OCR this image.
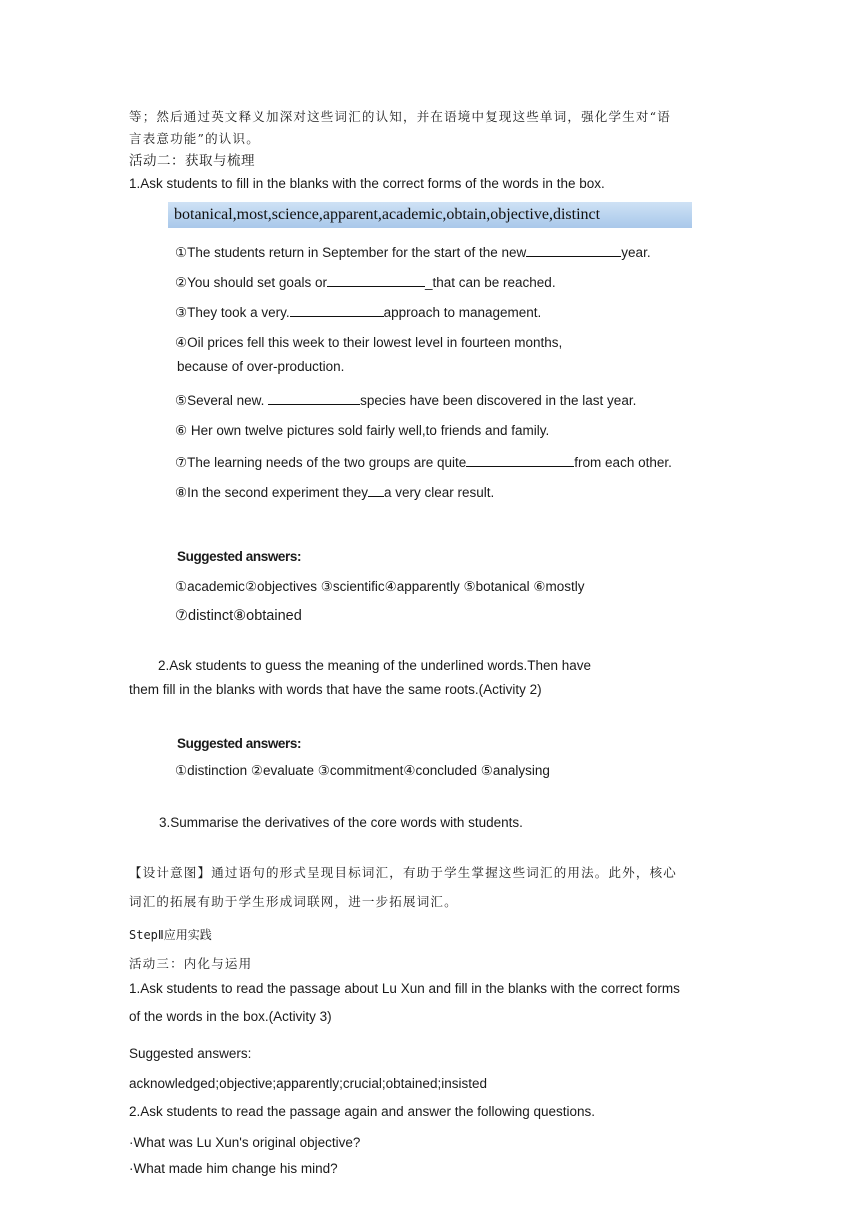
等；然后通过英文释义加深对这些词汇的认知，并在语境中复现这些单词，强化学生对“语
言表意功能”的认识。
活动二：获取与梳理
1.Ask students to fill in the blanks with the correct forms of the words in the box.
botanical,most,science,apparent,academic,obtain,objective,distinct
①The students return in September for the start of the new	year.
②You should set goals or	_that can be reached.
③They took a very.	approach to management.
④Oil prices fell this week to their lowest level in fourteen months,
because of over-production.
⑤Several new.	species have been discovered in the last year.
⑥ Her own twelve pictures sold fairly well,to friends and family.
⑦The learning needs of the two groups are quite	from each other.
⑧In the second experiment they a very clear result.
Suggested answers:
①academic②objectives ③scientific④apparently ⑤botanical ⑥mostly
⑦distinct⑧obtained
2.Ask students to guess the meaning of the underlined words.Then have
them fill in the blanks with words that have the same roots.(Activity 2)
Suggested answers:
①distinction ②evaluate ③commitment④concluded ⑤analysing
3.Summarise the derivatives of the core words with students.
【设计意图】通过语句的形式呈现目标词汇，有助于学生掌握这些词汇的用法。此外，核心
词汇的拓展有助于学生形成词联网，进一步拓展词汇。
StepⅡ应用实践
活动三：内化与运用
1.Ask students to read the passage about Lu Xun and fill in the blanks with the correct forms
of the words in the box.(Activity 3)
Suggested answers:
acknowledged;objective;apparently;crucial;obtained;insisted
2.Ask students to read the passage again and answer the following questions.
·What was Lu Xun's original objective?
·What made him change his mind?
